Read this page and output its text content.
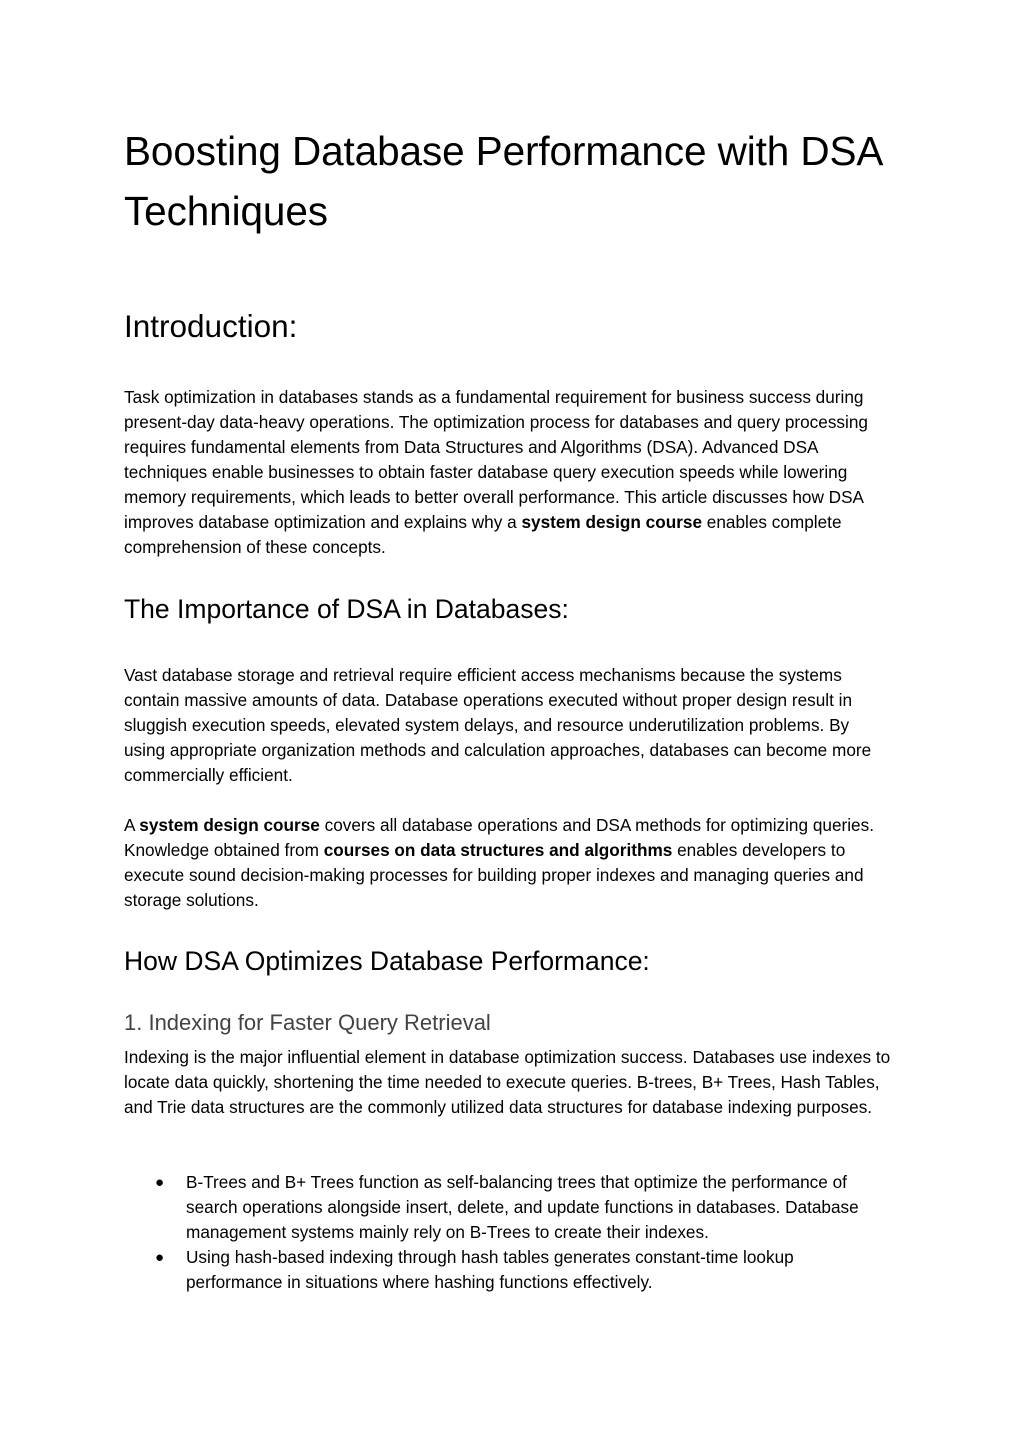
Boosting Database Performance with DSA Techniques
Introduction:

Task optimization in databases stands as a fundamental requirement for business success during present-day data-heavy operations. The optimization process for databases and query processing requires fundamental elements from Data Structures and Algorithms (DSA). Advanced DSA techniques enable businesses to obtain faster database query execution speeds while lowering memory requirements, which leads to better overall performance. This article discusses how DSA improves database optimization and explains why a system design course enables complete comprehension of these concepts.

The Importance of DSA in Databases:

Vast database storage and retrieval require efficient access mechanisms because the systems contain massive amounts of data. Database operations executed without proper design result in sluggish execution speeds, elevated system delays, and resource underutilization problems. By using appropriate organization methods and calculation approaches, databases can become more commercially efficient.

A system design course covers all database operations and DSA methods for optimizing queries. Knowledge obtained from courses on data structures and algorithms enables developers to execute sound decision-making processes for building proper indexes and managing queries and storage solutions.

How DSA Optimizes Database Performance:
1. Indexing for Faster Query Retrieval

Indexing is the major influential element in database optimization success. Databases use indexes to locate data quickly, shortening the time needed to execute queries. B-trees, B+ Trees, Hash Tables, and Trie data structures are the commonly utilized data structures for database indexing purposes.

● B-Trees and B+ Trees function as self-balancing trees that optimize the performance of search operations alongside insert, delete, and update functions in databases. Database management systems mainly rely on B-Trees to create their indexes.
● Using hash-based indexing through hash tables generates constant-time lookup performance in situations where hashing functions effectively.
